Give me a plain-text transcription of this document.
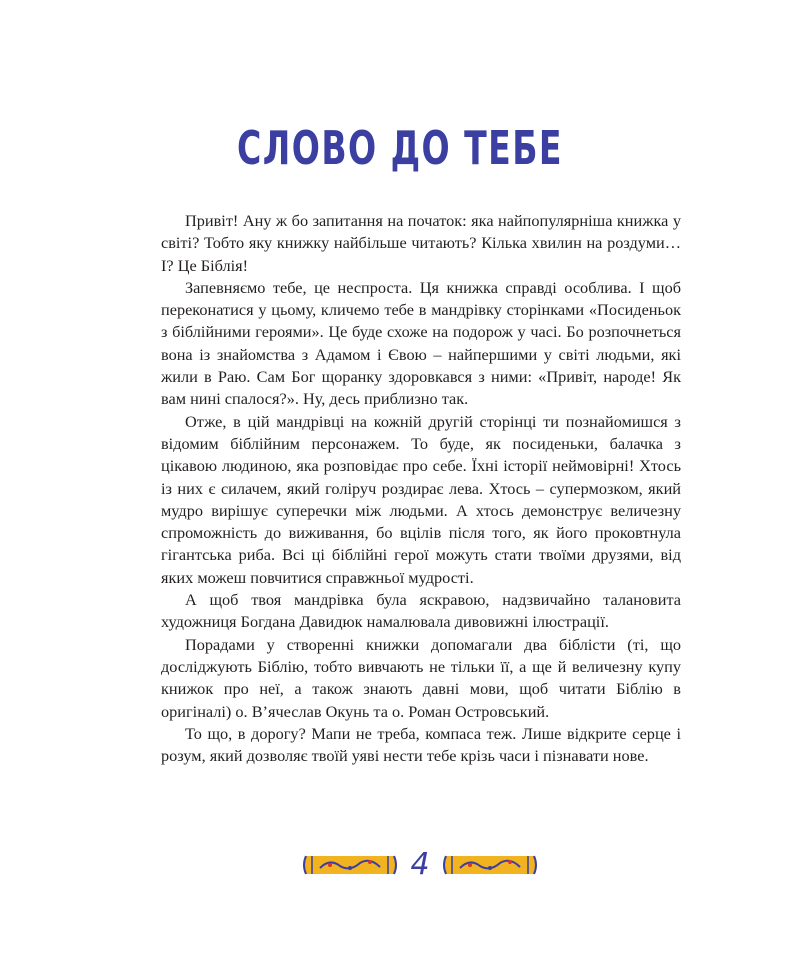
СЛОВО ДО ТЕБЕ

Привіт! Ану ж бо запитання на початок: яка найпопулярніша книжка у світі? Тобто яку книжку найбільше читають? Кілька хвилин на роздуми… І? Це Біблія!

Запевняємо тебе, це неспроста. Ця книжка справді особлива. І щоб переконатися у цьому, кличемо тебе в мандрівку сторінками «Посиденьок з біблійними героями». Це буде схоже на подорож у часі. Бо розпочнеться вона із знайомства з Адамом і Євою – найпершими у світі людьми, які жили в Раю. Сам Бог щоранку здоровкався з ними: «Привіт, народе! Як вам нині спалося?». Ну, десь приблизно так.

Отже, в цій мандрівці на кожній другій сторінці ти познайомишся з відомим біблійним персонажем. То буде, як посиденьки, балачка з цікавою людиною, яка розповідає про себе. Їхні історії неймовірні! Хтось із них є силачем, який голіруч роздирає лева. Хтось – супермозком, який мудро вирішує суперечки між людьми. А хтось демонструє величезну спроможність до виживання, бо вцілів після того, як його проковтнула гігантська риба. Всі ці біблійні герої можуть стати твоїми друзями, від яких можеш повчитися справжньої мудрості.

А щоб твоя мандрівка була яскравою, надзвичайно талановита художниця Богдана Давидюк намалювала дивовижні ілюстрації.

Порадами у створенні книжки допомагали два біблісти (ті, що досліджують Біблію, тобто вивчають не тільки її, а ще й величезну купу книжок про неї, а також знають давні мови, щоб читати Біблію в оригіналі) о. В’ячеслав Окунь та о. Роман Островський.

То що, в дорогу? Мапи не треба, компаса теж. Лише відкрите серце і розум, який дозволяє твоїй уяві нести тебе крізь часи і пізнавати нове.

4
